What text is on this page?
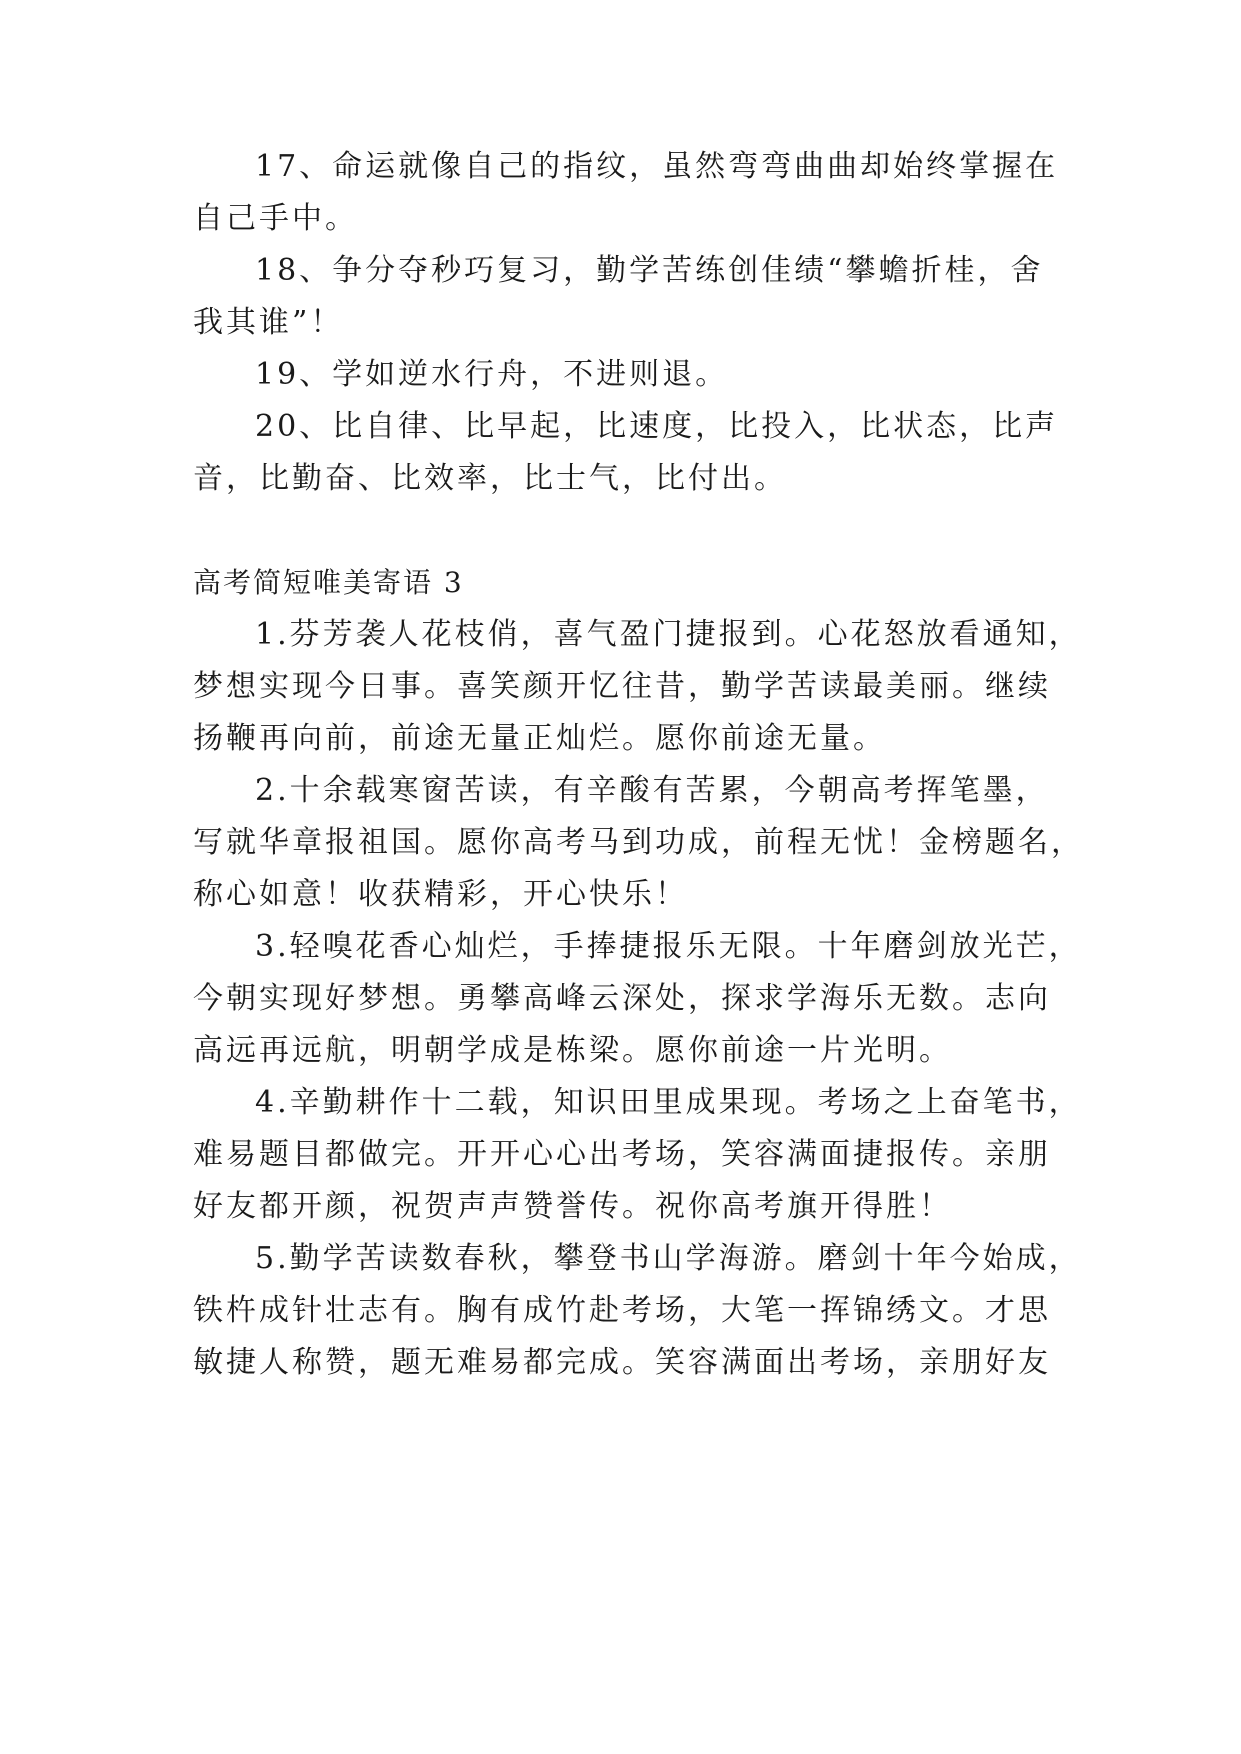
17、命运就像自己的指纹，虽然弯弯曲曲却始终掌握在
自己手中。
18、争分夺秒巧复习，勤学苦练创佳绩“攀蟾折桂，舍
我其谁”！
19、学如逆水行舟，不进则退。
20、比自律、比早起，比速度，比投入，比状态，比声
音，比勤奋、比效率，比士气，比付出。
高考简短唯美寄语 3
1.芬芳袭人花枝俏，喜气盈门捷报到。心花怒放看通知，
梦想实现今日事。喜笑颜开忆往昔，勤学苦读最美丽。继续
扬鞭再向前，前途无量正灿烂。愿你前途无量。
2.十余载寒窗苦读，有辛酸有苦累，今朝高考挥笔墨，
写就华章报祖国。愿你高考马到功成，前程无忧！金榜题名，
称心如意！收获精彩，开心快乐！
3.轻嗅花香心灿烂，手捧捷报乐无限。十年磨剑放光芒，
今朝实现好梦想。勇攀高峰云深处，探求学海乐无数。志向
高远再远航，明朝学成是栋梁。愿你前途一片光明。
4.辛勤耕作十二载，知识田里成果现。考场之上奋笔书，
难易题目都做完。开开心心出考场，笑容满面捷报传。亲朋
好友都开颜，祝贺声声赞誉传。祝你高考旗开得胜！
5.勤学苦读数春秋，攀登书山学海游。磨剑十年今始成，
铁杵成针壮志有。胸有成竹赴考场，大笔一挥锦绣文。才思
敏捷人称赞，题无难易都完成。笑容满面出考场，亲朋好友
